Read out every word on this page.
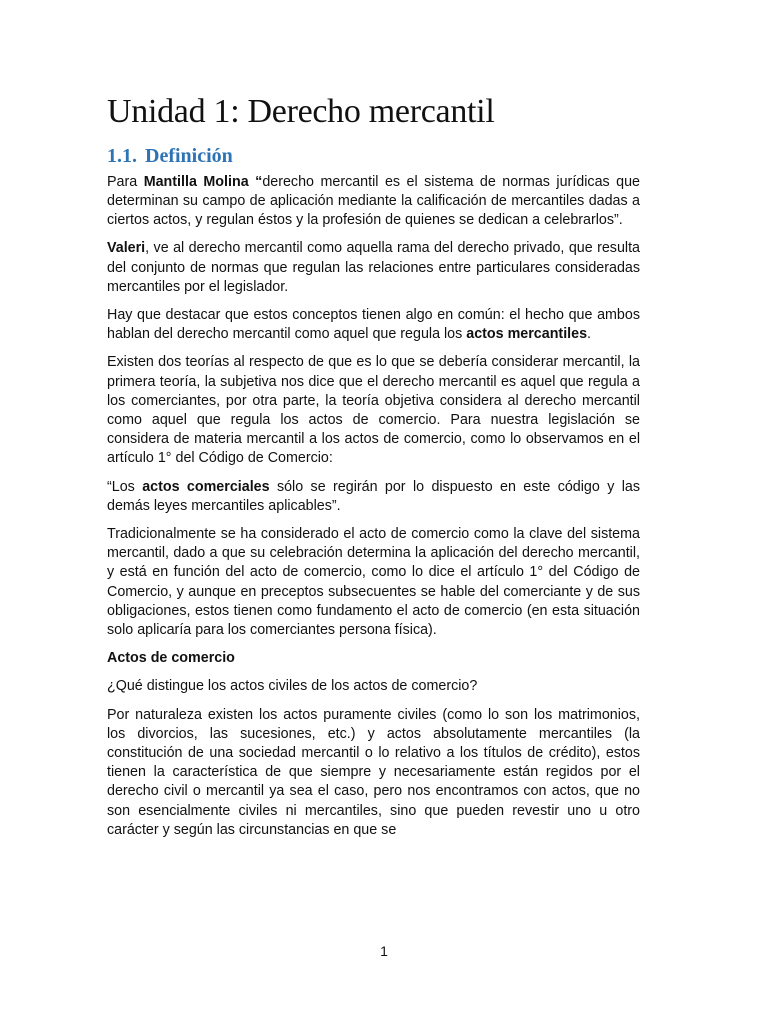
Unidad 1: Derecho mercantil
1.1. Definición

Para Mantilla Molina “derecho mercantil es el sistema de normas jurídicas que determinan su campo de aplicación mediante la calificación de mercantiles dadas a ciertos actos, y regulan éstos y la profesión de quienes se dedican a celebrarlos”.

Valeri, ve al derecho mercantil como aquella rama del derecho privado, que resulta del conjunto de normas que regulan las relaciones entre particulares consideradas mercantiles por el legislador.

Hay que destacar que estos conceptos tienen algo en común: el hecho que ambos hablan del derecho mercantil como aquel que regula los actos mercantiles.

Existen dos teorías al respecto de que es lo que se debería considerar mercantil, la primera teoría, la subjetiva nos dice que el derecho mercantil es aquel que regula a los comerciantes, por otra parte, la teoría objetiva considera al derecho mercantil como aquel que regula los actos de comercio. Para nuestra legislación se considera de materia mercantil a los actos de comercio, como lo observamos en el artículo 1° del Código de Comercio:

“Los actos comerciales sólo se regirán por lo dispuesto en este código y las demás leyes mercantiles aplicables”.

Tradicionalmente se ha considerado el acto de comercio como la clave del sistema mercantil, dado a que su celebración determina la aplicación del derecho mercantil, y está en función del acto de comercio, como lo dice el artículo 1° del Código de Comercio, y aunque en preceptos subsecuentes se hable del comerciante y de sus obligaciones, estos tienen como fundamento el acto de comercio (en esta situación solo aplicaría para los comerciantes persona física).

Actos de comercio

¿Qué distingue los actos civiles de los actos de comercio?

Por naturaleza existen los actos puramente civiles (como lo son los matrimonios, los divorcios, las sucesiones, etc.) y actos absolutamente mercantiles (la constitución de una sociedad mercantil o lo relativo a los títulos de crédito), estos tienen la característica de que siempre y necesariamente están regidos por el derecho civil o mercantil ya sea el caso, pero nos encontramos con actos, que no son esencialmente civiles ni mercantiles, sino que pueden revestir uno u otro carácter y según las circunstancias en que se

1
